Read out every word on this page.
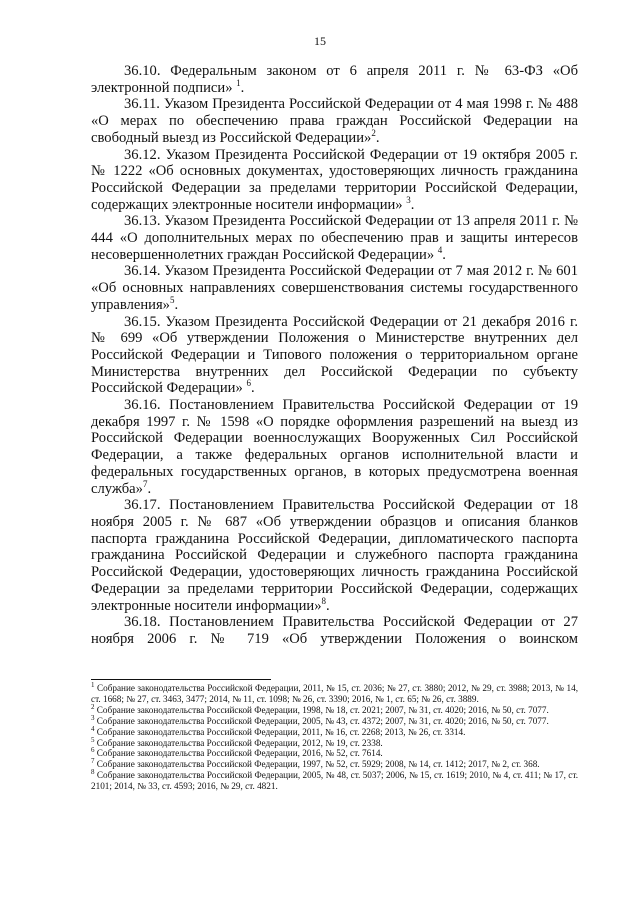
15

36.10. Федеральным законом от 6 апреля 2011 г. № 63-ФЗ «Об электронной подписи» $^1$.

36.11. Указом Президента Российской Федерации от 4 мая 1998 г. № 488 «О мерах по обеспечению права граждан Российской Федерации на свободный выезд из Российской Федерации»$^2$.

36.12. Указом Президента Российской Федерации от 19 октября 2005 г. № 1222 «Об основных документах, удостоверяющих личность гражданина Российской Федерации за пределами территории Российской Федерации, содержащих электронные носители информации» $^3$.

36.13. Указом Президента Российской Федерации от 13 апреля 2011 г. № 444 «О дополнительных мерах по обеспечению прав и защиты интересов несовершеннолетних граждан Российской Федерации» $^4$.

36.14. Указом Президента Российской Федерации от 7 мая 2012 г. № 601 «Об основных направлениях совершенствования системы государственного управления»$^5$.

36.15. Указом Президента Российской Федерации от 21 декабря 2016 г. № 699 «Об утверждении Положения о Министерстве внутренних дел Российской Федерации и Типового положения о территориальном органе Министерства внутренних дел Российской Федерации по субъекту Российской Федерации» $^6$.

36.16. Постановлением Правительства Российской Федерации от 19 декабря 1997 г. № 1598 «О порядке оформления разрешений на выезд из Российской Федерации военнослужащих Вооруженных Сил Российской Федерации, а также федеральных органов исполнительной власти и федеральных государственных органов, в которых предусмотрена военная служба»$^7$.

36.17. Постановлением Правительства Российской Федерации от 18 ноября 2005 г. № 687 «Об утверждении образцов и описания бланков паспорта гражданина Российской Федерации, дипломатического паспорта гражданина Российской Федерации и служебного паспорта гражданина Российской Федерации, удостоверяющих личность гражданина Российской Федерации за пределами территории Российской Федерации, содержащих электронные носители информации»$^8$.

36.18. Постановлением Правительства Российской Федерации от 27 ноября 2006 г. № 719 «Об утверждении Положения о воинском

$^1$ Собрание законодательства Российской Федерации, 2011, № 15, ст. 2036; № 27, ст. 3880; 2012, № 29, ст. 3988; 2013, № 14, ст. 1668; № 27, ст. 3463, 3477; 2014, № 11, ст. 1098; № 26, ст. 3390; 2016, № 1, ст. 65; № 26, ст. 3889.

$^2$ Собрание законодательства Российской Федерации, 1998, № 18, ст. 2021; 2007, № 31, ст. 4020; 2016, № 50, ст. 7077.

$^3$ Собрание законодательства Российской Федерации, 2005, № 43, ст. 4372; 2007, № 31, ст. 4020; 2016, № 50, ст. 7077.

$^4$ Собрание законодательства Российской Федерации, 2011, № 16, ст. 2268; 2013, № 26, ст. 3314.

$^5$ Собрание законодательства Российской Федерации, 2012, № 19, ст. 2338.

$^6$ Собрание законодательства Российской Федерации, 2016, № 52, ст. 7614.

$^7$ Собрание законодательства Российской Федерации, 1997, № 52, ст. 5929; 2008, № 14, ст. 1412; 2017, № 2, ст. 368.

$^8$ Собрание законодательства Российской Федерации, 2005, № 48, ст. 5037; 2006, № 15, ст. 1619; 2010, № 4, ст. 411; № 17, ст. 2101; 2014, № 33, ст. 4593; 2016, № 29, ст. 4821.
